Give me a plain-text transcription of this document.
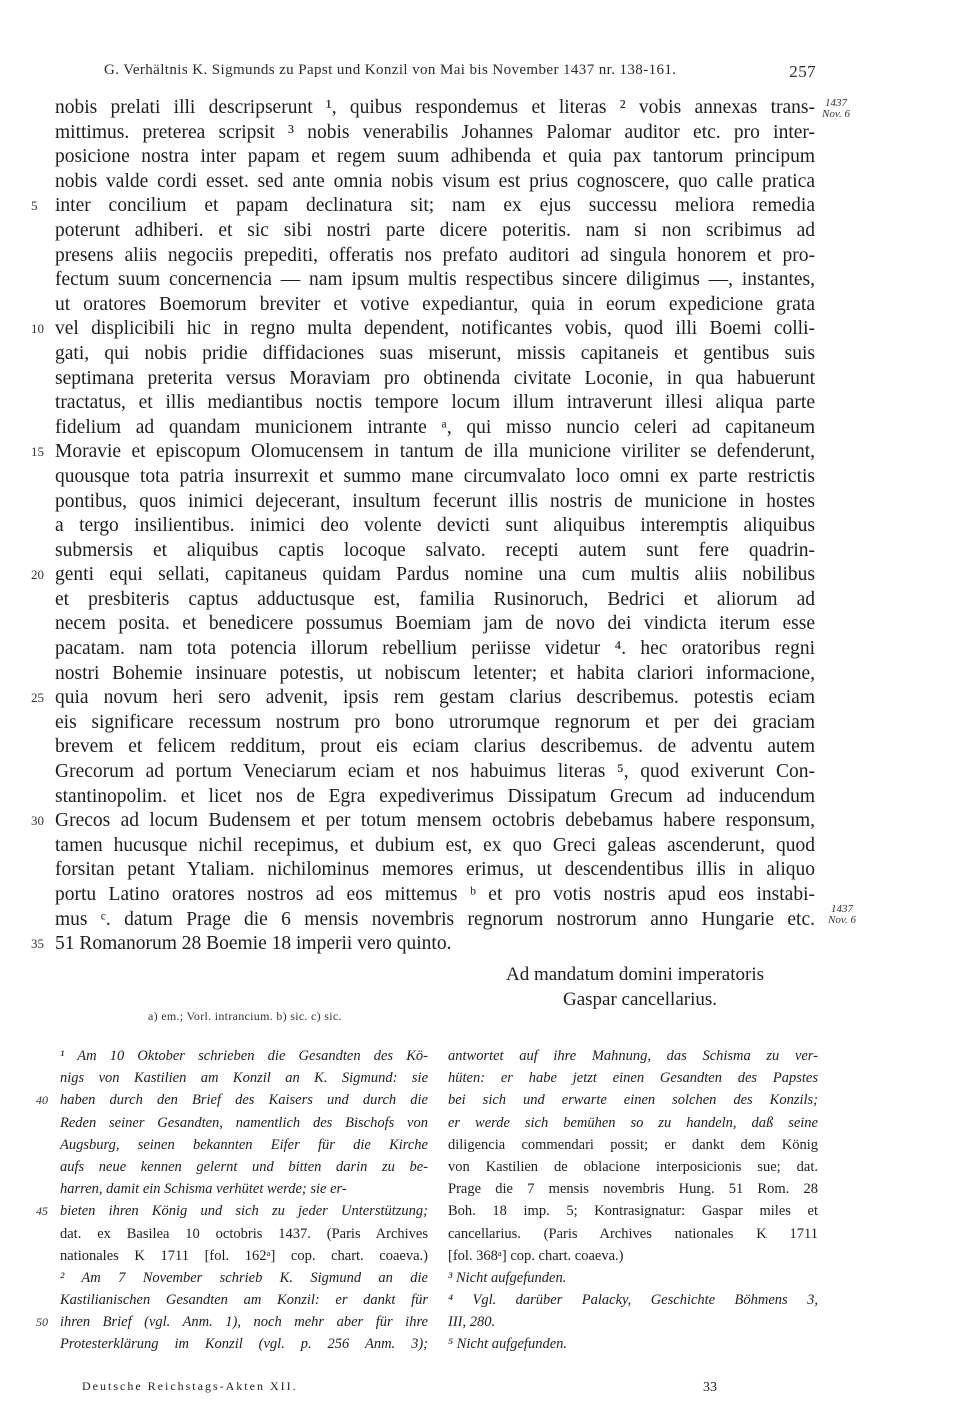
G. Verhältnis K. Sigmunds zu Papst und Konzil von Mai bis November 1437 nr. 138-161.	257
1437
Nov. 6
nobis prelati illi descripserunt ¹, quibus respondemus et literas ² vobis annexas trans-
mittimus. preterea scripsit ³ nobis venerabilis Johannes Palomar auditor etc. pro inter-
posicione nostra inter papam et regem suum adhibenda et quia pax tantorum principum
nobis valde cordi esset. sed ante omnia nobis visum est prius cognoscere, quo calle pratica
5 inter concilium et papam declinatura sit; nam ex ejus successu meliora remedia
poterunt adhiberi. et sic sibi nostri parte dicere poteritis. nam si non scribimus ad
presens aliis negociis prepediti, offeratis nos prefato auditori ad singula honorem et pro-
fectum suum concernencia — nam ipsum multis respectibus sincere diligimus —, instantes,
ut oratores Boemorum breviter et votive expediantur, quia in eorum expedicione grata
10 vel displicibili hic in regno multa dependent, notificantes vobis, quod illi Boemi colli-
gati, qui nobis pridie diffidaciones suas miserunt, missis capitaneis et gentibus suis
septimana preterita versus Moraviam pro obtinenda civitate Loconie, in qua habuerunt
tractatus, et illis mediantibus noctis tempore locum illum intraverunt illesi aliqua parte
fidelium ad quandam municionem intrante ᵃ, qui misso nuncio celeri ad capitaneum
15 Moravie et episcopum Olomucensem in tantum de illa municione viriliter se defenderunt,
quousque tota patria insurrexit et summo mane circumvalato loco omni ex parte restrictis
pontibus, quos inimici dejecerant, insultum fecerunt illis nostris de municione in hostes
a tergo insilientibus. inimici deo volente devicti sunt aliquibus interemptis aliquibus
submersis et aliquibus captis locoque salvato. recepti autem sunt fere quadrin-
20 genti equi sellati, capitaneus quidam Pardus nomine una cum multis aliis nobilibus
et presbiteris captus adductusque est, familia Rusinoruch, Bedrici et aliorum ad
necem posita. et benedicere possumus Boemiam jam de novo dei vindicta iterum esse
pacatam. nam tota potencia illorum rebellium periisse videtur ⁴. hec oratoribus regni
nostri Bohemie insinuare potestis, ut nobiscum letenter; et habita clariori informacione,
25 quia novum heri sero advenit, ipsis rem gestam clarius describemus. potestis eciam
eis significare recessum nostrum pro bono utrorumque regnorum et per dei graciam
brevem et felicem redditum, prout eis eciam clarius describemus. de adventu autem
Grecorum ad portum Veneciarum eciam et nos habuimus literas ⁵, quod exiverunt Con-
stantinopolim. et licet nos de Egra expedіverimus Dissipatum Grecum ad inducendum
30 Grecos ad locum Budensem et per totum mensem octobris debebamus habere responsum,
tamen hucusque nichil recepimus, et dubium est, ex quo Greci galeas ascenderunt, quod
forsitan petant Ytaliam. nichilominus memores erimus, ut descendentibus illis in aliquo
portu Latino oratores nostros ad eos mittemus ᵇ et pro votis nostris apud eos instabi-
mus ᶜ. datum Prage die 6 mensis novembris regnorum nostrorum anno Hungarie etc.
35 51 Romanorum 28 Boemie 18 imperii vero quinto.
1437
Nov. 6
Ad mandatum domini imperatoris
Gaspar cancellarius.
a) em.; Vorl. intrancium. b) sic. c) sic.
¹ Am 10 Oktober schrieben die Gesandten des Kö-
nigs von Kastilien am Konzil an K. Sigmund: sie
40 haben durch den Brief des Kaisers und durch die
Reden seiner Gesandten, namentlich des Bischofs von
Augsburg, seinen bekannten Eifer für die Kirche
aufs neue kennen gelernt und bitten darin zu be-
harren, damit ein Schisma verhütet werde; sie er-
45 bieten ihren König und sich zu jeder Unterstützung;
dat. ex Basilea 10 octobris 1437. (Paris Archives
nationales K 1711 [fol. 162ᵃ] cop. chart. coaeva.)
² Am 7 November schrieb K. Sigmund an die
Kastilianischen Gesandten am Konzil: er dankt für
50 ihren Brief (vgl. Anm. 1), noch mehr aber für ihre
Protesterklärung im Konzil (vgl. p. 256 Anm. 3);
antwortet auf ihre Mahnung, das Schisma zu ver-
hüten: er habe jetzt einen Gesandten des Papstes
bei sich und erwarte einen solchen des Konzils;
er werde sich bemühen so zu handeln, daß seine
diligencia commendari possit; er dankt dem König
von Kastilien de oblacione interposicionis sue; dat.
Prage die 7 mensis novembris Hung. 51 Rom. 28
Boh. 18 imp. 5; Kontrasignatur: Gaspar miles et
cancellarius. (Paris Archives nationales K 1711
[fol. 368ᵃ] cop. chart. coaeva.)
³ Nicht aufgefunden.
⁴ Vgl. darüber Palacky, Geschichte Böhmens 3,
III, 280.
⁵ Nicht aufgefunden.
Deutsche Reichstags-Akten XII.	33
